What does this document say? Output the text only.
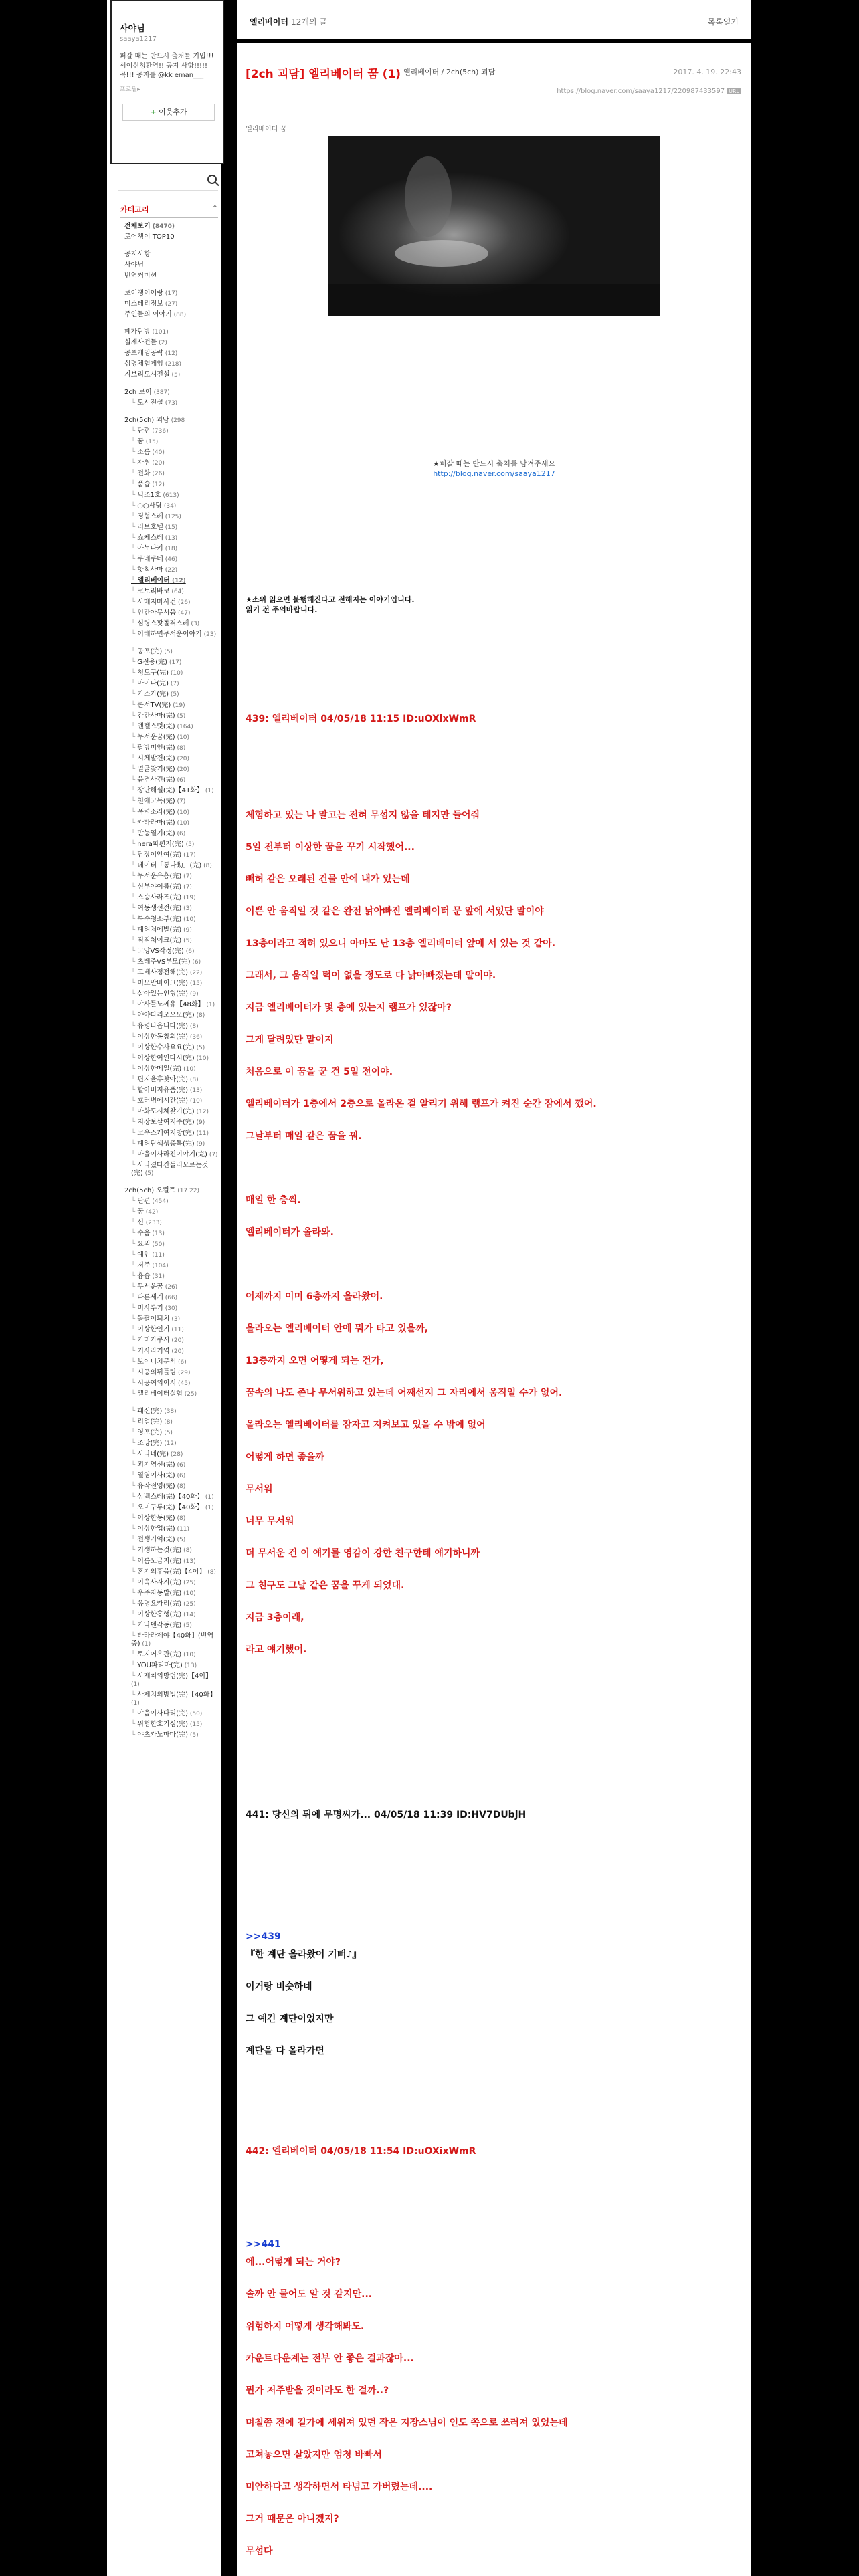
사야님
saaya1217
퍼갈 때는 반드시 출처를 기입!!! 서이신청환영!! 공지 사항!!!!!꼭!!! 공지를 @kk eman___
프로필▸
+ 이웃추가
카테고리	^
전체보기 (8470)
로어챙이 TOP10
공지사항
사야님
번역커미션
로어챙이어랑 (17)
미스테리정보 (27)
주인들의 이야기 (88)
폐가탐방 (101)
실제사건들 (2)
공포게임공략 (12)
심령체험게임 (218)
지브리도시전설 (5)
2ch 로어 (387)
└ 도시전설 (73)
2ch(5ch) 괴담 (298
└ 단편 (736)
└ 꿈 (15)
└ 소름 (40)
└ 자취 (20)
└ 전화 (26)
└ 품습 (12)
└ 닉조1호 (613)
└ ○○사탕 (34)
└ 경험스레 (125)
└ 러브호텔 (15)
└ 쇼케스레 (13)
└ 아누나키 (18)
└ 쿠네쿠네 (46)
└ 핫칙사마 (22)
└ 엘리베이터 (12)
└ 코토리바코 (64)
└ 사메지마사건 (26)
└ 인간아무서움 (47)
└ 심령스팟돌격스레 (3)
└ 이해하면무서운이야기 (23)
└ 공포(完) (5)
└ G전용(完) (17)
└ 청도구(完) (10)
└ 마이나(完) (7)
└ 카스카(完) (5)
└ 콘서TV(完) (19)
└ 간간사마(完) (5)
└ 엔젤스덧(完) (164)
└ 무서운꿈(完) (10)
└ 팔방미인(完) (8)
└ 시체발견(完) (20)
└ 얼굴찾기(完) (20)
└ 음경사건(完) (6)
└ 장난해설(完)【41화】 (1)
└ 천애고독(完) (7)
└ 폭력소라(完) (10)
└ 카타라마(完) (10)
└ 만능열기(完) (6)
└ nera파편저(完) (5)
└ 담장이안여(完) (17)
└ 데이터「통나動」(完) (8)
└ 무서운유흥(完) (7)
└ 신부야이름(完) (7)
└ 스승사라즈(完) (19)
└ 여동생선전(完) (3)
└ 특수청소부(完) (10)
└ 폐허처에발(完) (9)
└ 직직처이크(完) (5)
└ 고양VS작정(完) (6)
└ 츠레주VS부모(完) (6)
└ 고베사정전해(完) (22)
└ 미모만바이크(完) (15)
└ 살아있는인형(完) (9)
└ 야사틀노께유【48화】 (1)
└ 야야다리오오모(完) (8)
└ 유령나옵니다(完) (8)
└ 이상한동창회(完) (36)
└ 이상한수사요요(完) (5)
└ 이상한여인다시(完) (10)
└ 이상한메일(完) (10)
└ 편지율후찾아(完) (8)
└ 할아버지유품(完) (13)
└ 호러병에시간(完) (10)
└ 마화도시체찾기(完) (12)
└ 지장보살여지주(完) (9)
└ 코우스케여지방(完) (11)
└ 폐허탐색생총특(完) (9)
└ 마을이사라진이야기(完) (7)
└ 사라졌다간둘러모르는것(完) (5)
2ch(5ch) 오컬트 (17 22)
└ 단편 (454)
└ 꿈 (42)
└ 신 (233)
└ 수음 (13)
└ 요괴 (50)
└ 예언 (11)
└ 저주 (104)
└ 흉습 (31)
└ 무서운꿈 (26)
└ 다른세계 (66)
└ 미사루키 (30)
└ 돌팔이퇴치 (3)
└ 이상한인기 (11)
└ 카미카쿠시 (20)
└ 키사라기역 (20)
└ 보이니치문서 (6)
└ 시공의뒤틀림 (29)
└ 시공여의이시 (45)
└ 엘리베이터실험 (25)
└ 패신(完) (38)
└ 리얼(完) (8)
└ 영포(完) (5)
└ 조망(完) (12)
└ 사라네(完) (28)
└ 괴기영선(完) (6)
└ 열염여사(完) (6)
└ 유작전영(完) (8)
└ 상백스레(完)【40화】 (1)
└ 오미구루(完)【40화】 (1)
└ 이상한동(完) (8)
└ 이상한업(完) (11)
└ 전생기억(完) (5)
└ 기생하는것(完) (8)
└ 이름모금지(完) (13)
└ 혼기의후음(完)【4이】 (8)
└ 이옥사자지(完) (25)
└ 우주자동밭(完) (10)
└ 유령요카리(完) (25)
└ 이상한흥행(完) (14)
└ 카나덴각동(完) (5)
└ 타라라제야【40화】(번역중) (1)
└ 토지어유관(完) (10)
└ YOU파티마(完) (13)
└ 사제치의방법(完)【4이】 (1)
└ 사제치의방법(完)【40화】 (1)
└ 야음이사다리(完) (50)
└ 위험한호기심(完) (15)
└ 야츠카노마마(完) (5)
엘리베이터 12개의 글	목록열기
[2ch 괴담] 엘리베이터 꿈 (1) 엘리베이터 / 2ch(5ch) 괴담	2017. 4. 19. 22:43
https://blog.naver.com/saaya1217/220987433597 URL
엘리베이터 꿈
★퍼갈 때는 반드시 출처를 남겨주세요
http://blog.naver.com/saaya1217
★소위 읽으면 불행해진다고 전해지는 이야기입니다.
읽기 전 주의바랍니다.
439: 엘리베이터 04/05/18 11:15 ID:uOXixWmR
체험하고 있는 나 말고는 전혀 무섭지 않을 테지만 들어줘
5일 전부터 이상한 꿈을 꾸기 시작했어...
빼허 같은 오래된 건물 안에 내가 있는데
이쁜 안 움직일 것 같은 완전 낡아빠진 엘리베이터 문 앞에 서있단 말이야
13층이라고 적혀 있으니 아마도 난 13층 엘리베이터 앞에 서 있는 것 같아.
그래서, 그 움직일 턱이 없을 정도로 다 낡아빠졌는데 말이야.
지금 엘리베이터가 몇 층에 있는지 램프가 있잖아?
그게 달려있단 말이지
처음으로 이 꿈을 꾼 건 5일 전이야.
엘리베이터가 1층에서 2층으로 올라온 걸 알리기 위해 램프가 켜진 순간 잠에서 깼어.
그날부터 매일 같은 꿈을 꿔.
매일 한 층씩.
엘리베이터가 올라와.
어제까지 이미 6층까지 올라왔어.
올라오는 엘리베이터 안에 뭐가 타고 있을까,
13층까지 오면 어떻게 되는 건가,
꿈속의 나도 존나 무서워하고 있는데 어째선지 그 자리에서 움직일 수가 없어.
올라오는 엘리베이터를 잠자고 지켜보고 있을 수 밖에 없어
어떻게 하면 좋을까
무서워
너무 무서워
더 무서운 건 이 얘기를 영감이 강한 친구한테 얘기하니까
그 친구도 그날 같은 꿈을 꾸게 되었대.
지금 3층이래,
라고 얘기했어.
441: 당신의 뒤에 무명씨가... 04/05/18 11:39 ID:HV7DUbjH
>>439
『한 계단 올라왔어 기뻐♪』
이거랑 비슷하네
그 예긴 계단이었지만
계단을 다 올라가면
442: 엘리베이터 04/05/18 11:54 ID:uOXixWmR
>>441
에...어떻게 되는 거야?
솔까 안 물어도 알 것 같지만...
위험하지 어떻게 생각해봐도.
카운트다운계는 전부 안 좋은 결과잖아...
뭔가 저주받을 짓이라도 한 걸까..?
며칠쯤 전에 길가에 세워져 있던 작은 지장스님이 인도 쪽으로 쓰러져 있었는데
고쳐놓으면 살았지만 엄청 바빠서
미안하다고 생각하면서 타넘고 가버렸는데....
그거 때문은 아니겠지?
무섭다
